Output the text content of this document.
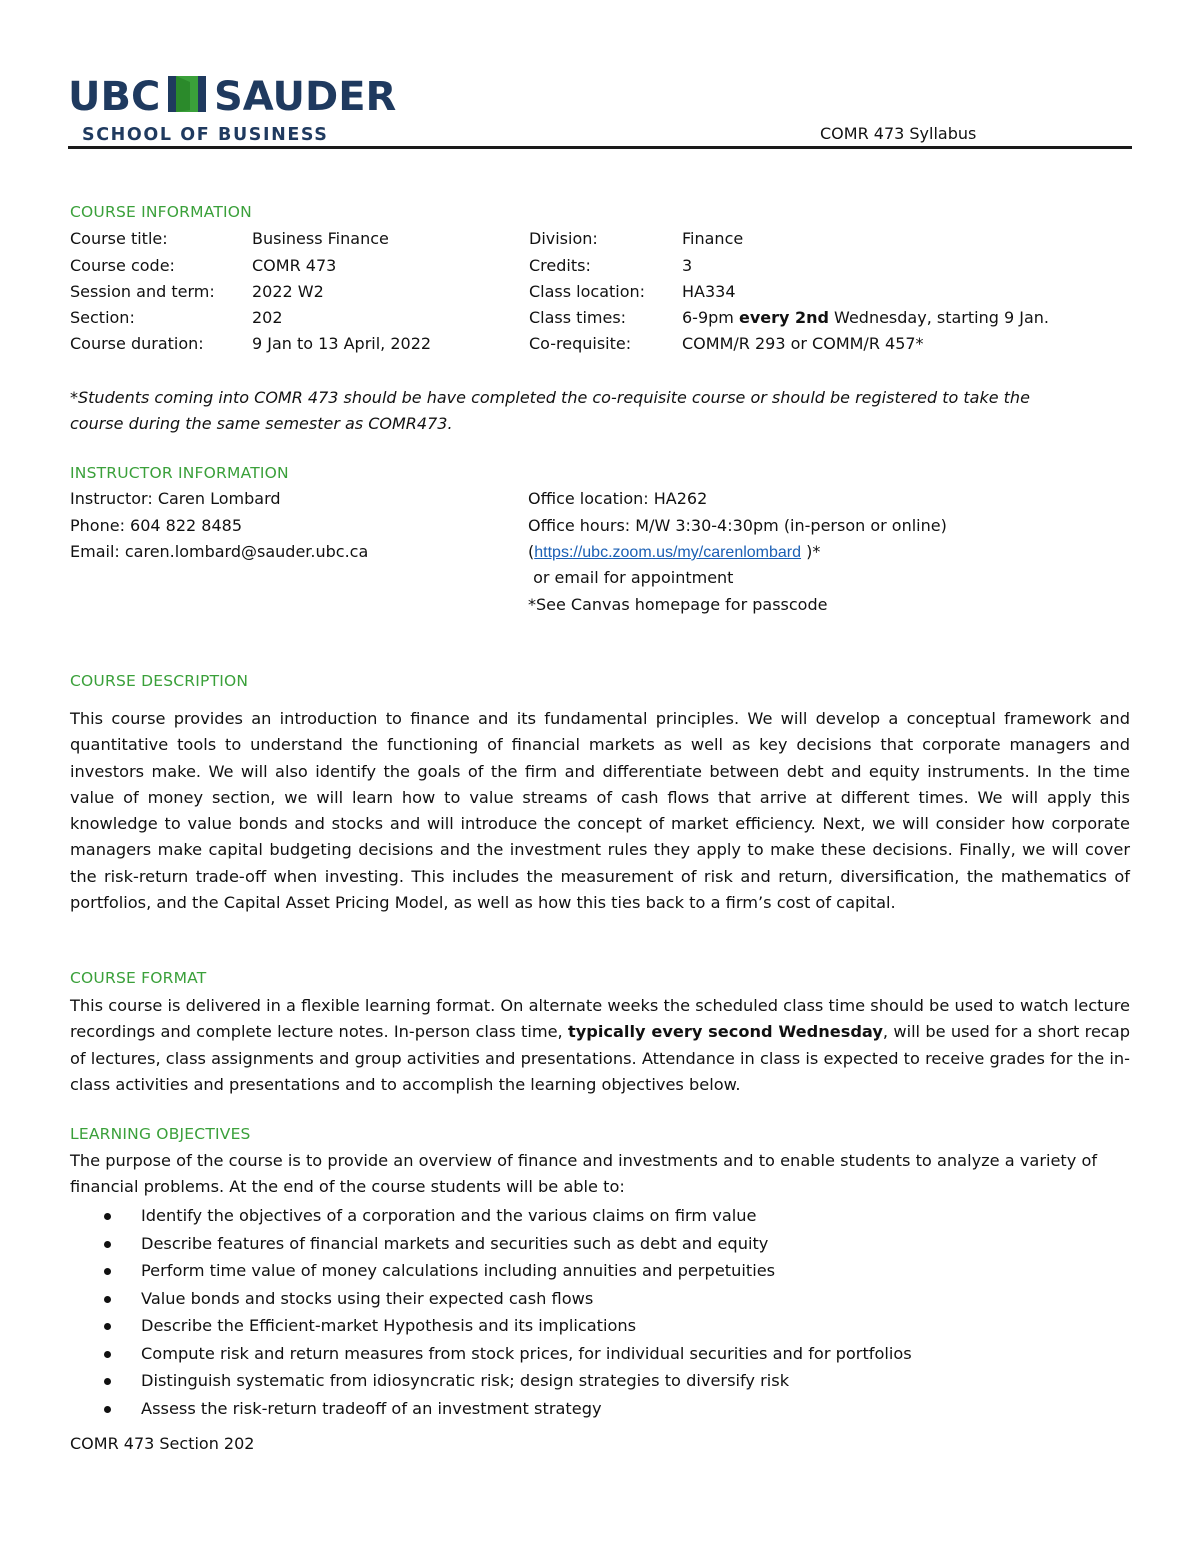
UBC SAUDER
SCHOOL OF BUSINESS	COMR 473 Syllabus
COURSE INFORMATION
Course title:	Business Finance	Division:	Finance
Course code:	COMR 473	Credits:	3
Session and term: 2022 W2	Class location: HA334
Section:	202	Class times:	6-9pm every 2nd Wednesday, starting 9 Jan.
Course duration:	9 Jan to 13 April, 2022	Co-requisite:	COMM/R 293 or COMM/R 457*
*Students coming into COMR 473 should be have completed the co-requisite course or should be registered to take the
course during the same semester as COMR473.
INSTRUCTOR INFORMATION
Instructor: Caren Lombard
Phone: 604 822 8485
Email: caren.lombard@sauder.ubc.ca
Office location: HA262
Office hours: M/W 3:30-4:30pm (in-person or online)
(https://ubc.zoom.us/my/carenlombard )*
or email for appointment
*See Canvas homepage for passcode
COURSE DESCRIPTION
This course provides an introduction to finance and its fundamental principles. We will develop a conceptual framework and quantitative tools to understand the functioning of financial markets as well as key decisions that corporate managers and investors make. We will also identify the goals of the firm and differentiate between debt and equity instruments. In the time value of money section, we will learn how to value streams of cash flows that arrive at different times. We will apply this knowledge to value bonds and stocks and will introduce the concept of market efficiency. Next, we will consider how corporate managers make capital budgeting decisions and the investment rules they apply to make these decisions. Finally, we will cover the risk-return trade-off when investing. This includes the measurement of risk and return, diversification, the mathematics of portfolios, and the Capital Asset Pricing Model, as well as how this ties back to a firm’s cost of capital.
COURSE FORMAT
This course is delivered in a flexible learning format. On alternate weeks the scheduled class time should be used to watch lecture recordings and complete lecture notes. In-person class time, typically every second Wednesday, will be used for a short recap of lectures, class assignments and group activities and presentations. Attendance in class is expected to receive grades for the in-class activities and presentations and to accomplish the learning objectives below.
LEARNING OBJECTIVES
The purpose of the course is to provide an overview of finance and investments and to enable students to analyze a variety of financial problems. At the end of the course students will be able to:
Identify the objectives of a corporation and the various claims on firm value
Describe features of financial markets and securities such as debt and equity
Perform time value of money calculations including annuities and perpetuities
Value bonds and stocks using their expected cash flows
Describe the Efficient-market Hypothesis and its implications
Compute risk and return measures from stock prices, for individual securities and for portfolios
Distinguish systematic from idiosyncratic risk; design strategies to diversify risk
Assess the risk-return tradeoff of an investment strategy
COMR 473 Section 202
